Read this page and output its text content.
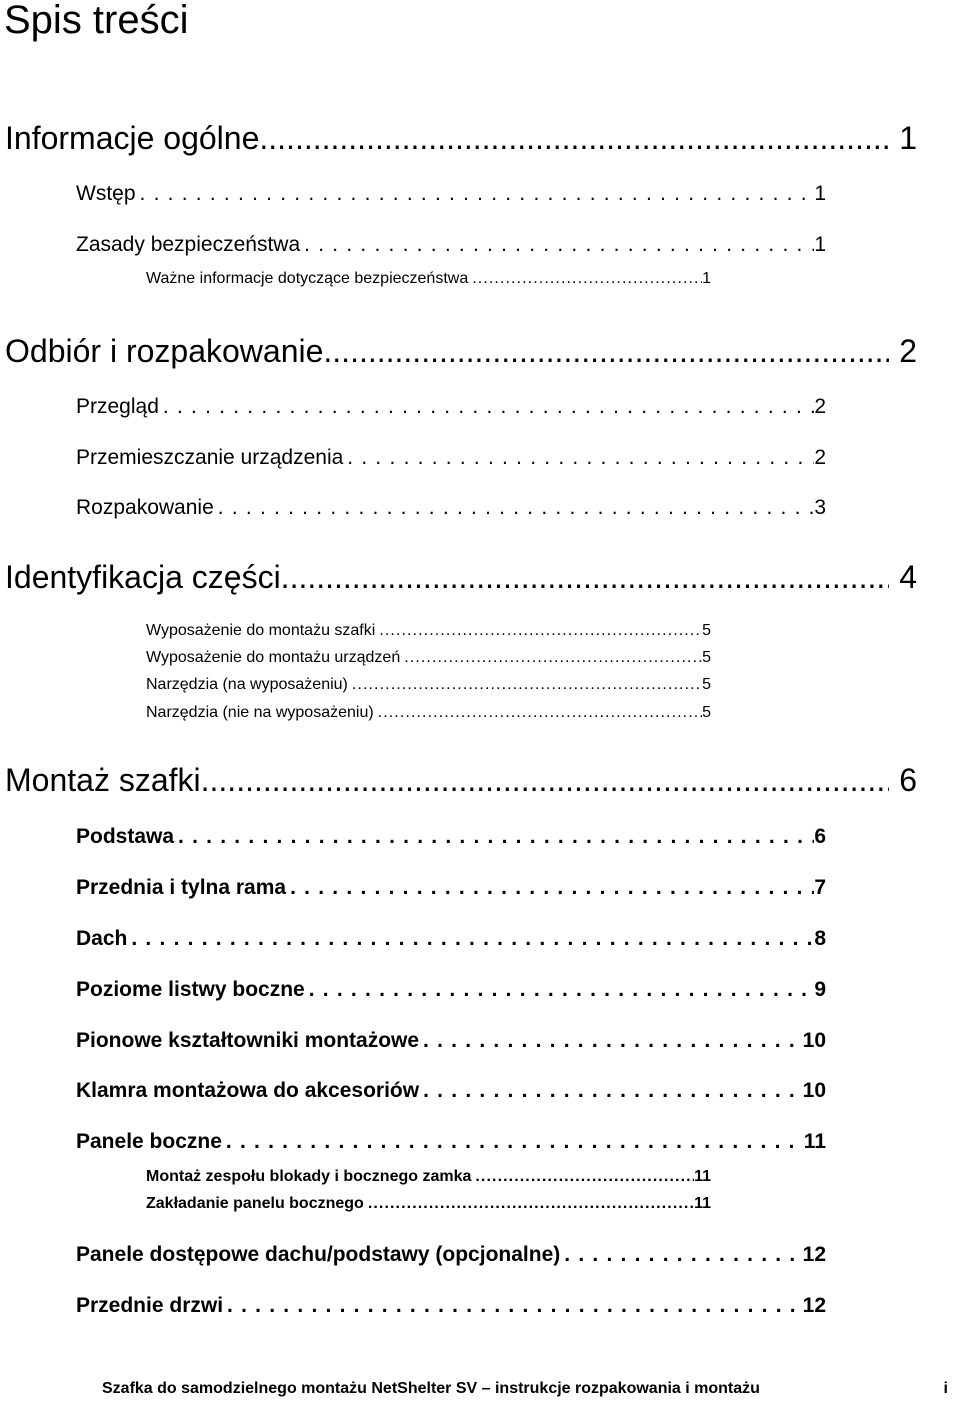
Spis treści
Informacje ogólne .....	1
Wstęp . . .	1
Zasady bezpieczeństwa . . .	1
Ważne informacje dotyczące bezpieczeństwa .....	1
Odbiór i rozpakowanie .....	2
Przegląd . . .	2
Przemieszczanie urządzenia . . .	2
Rozpakowanie . . .	3
Identyfikacja części .....	4
Wyposażenie do montażu szafki .....	5
Wyposażenie do montażu urządzeń .....	5
Narzędzia (na wyposażeniu) .....	5
Narzędzia (nie na wyposażeniu) .....	5
Montaż szafki .....	6
Podstawa . . .	6
Przednia i tylna rama . . .	7
Dach . . .	8
Poziome listwy boczne . . .	9
Pionowe kształtowniki montażowe . . .	10
Klamra montażowa do akcesoriów . . .	10
Panele boczne . . .	11
Montaż zespołu blokady i bocznego zamka .....	11
Zakładanie panelu bocznego .....	11
Panele dostępowe dachu/podstawy (opcjonalne) . . .	12
Przednie drzwi . . .	12
Szafka do samodzielnego montażu NetShelter SV – instrukcje rozpakowania i montażu	i
